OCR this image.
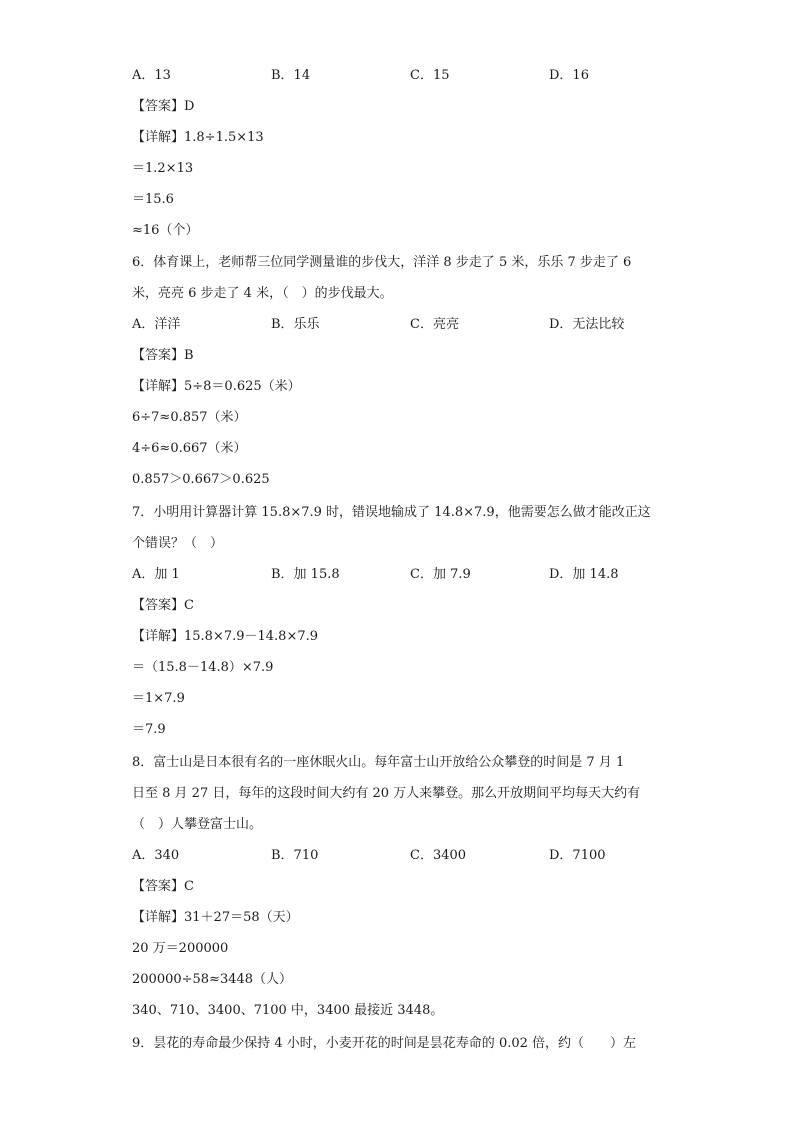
A．13	B．14	C．15	D．16
【答案】D
【详解】1.8÷1.5×13
＝1.2×13
＝15.6
≈16（个）
6．体育课上，老师帮三位同学测量谁的步伐大，洋洋 8 步走了 5 米，乐乐 7 步走了 6
米，亮亮 6 步走了 4 米，（　）的步伐最大。
A．洋洋	B．乐乐	C．亮亮	D．无法比较
【答案】B
【详解】5÷8＝0.625（米）
6÷7≈0.857（米）
4÷6≈0.667（米）
0.857＞0.667＞0.625
7．小明用计算器计算 15.8×7.9 时，错误地输成了 14.8×7.9，他需要怎么做才能改正这
个错误？（　）
A．加 1	B．加 15.8	C．加 7.9	D．加 14.8
【答案】C
【详解】15.8×7.9－14.8×7.9
＝（15.8－14.8）×7.9
＝1×7.9
＝7.9
8．富士山是日本很有名的一座休眠火山。每年富士山开放给公众攀登的时间是 7 月 1
日至 8 月 27 日，每年的这段时间大约有 20 万人来攀登。那么开放期间平均每天大约有
（　）人攀登富士山。
A．340	B．710	C．3400	D．7100
【答案】C
【详解】31＋27＝58（天）
20 万＝200000
200000÷58≈3448（人）
340、710、3400、7100 中，3400 最接近 3448。
9．昙花的寿命最少保持 4 小时，小麦开花的时间是昙花寿命的 0.02 倍，约（　　）左
